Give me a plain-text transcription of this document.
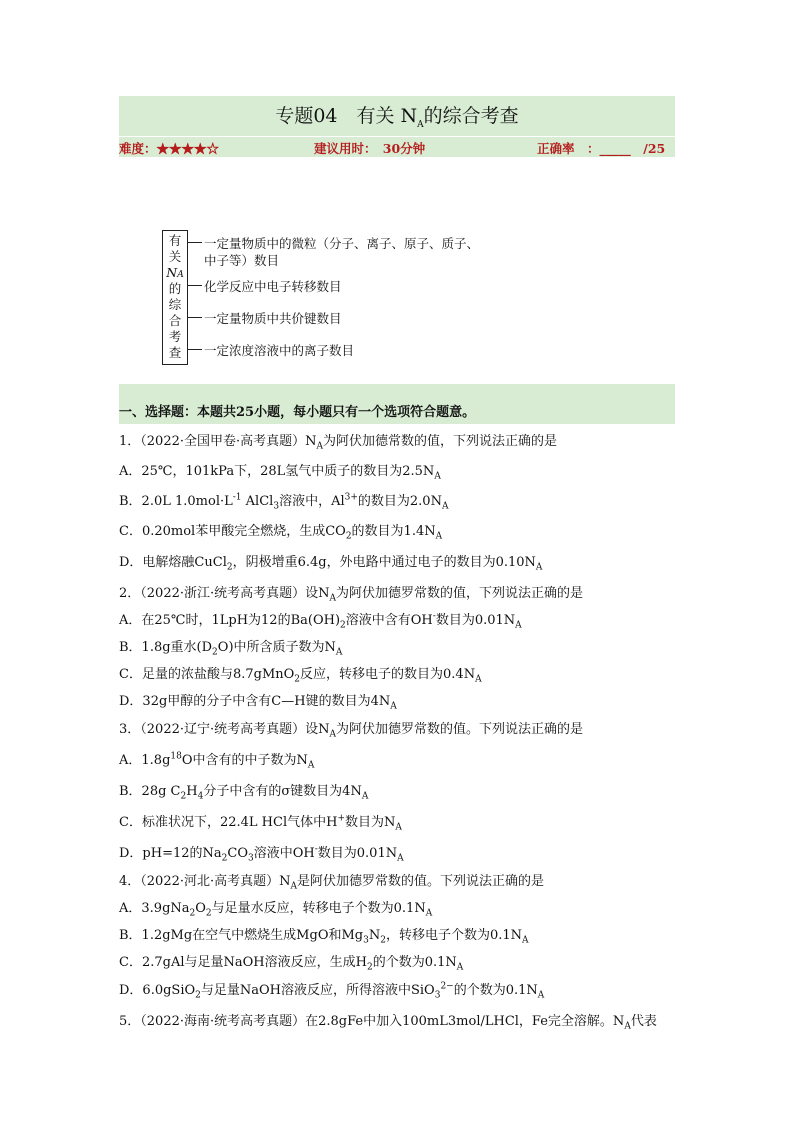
专题04　有关 $N_A$的综合考查
难度：★★★★☆	建议用时：　30分钟	正确率　：_____　/25
有
关
NA
的
综
合
考
查
一定量物质中的微粒（分子、离子、原子、质子、
中子等）数目
化学反应中电子转移数目
一定量物质中共价键数目
一定浓度溶液中的离子数目
一、选择题：本题共25小题，每小题只有一个选项符合题意。
1．（2022·全国甲卷·高考真题）$N_A$为阿伏加德常数的值，下列说法正确的是
A．25℃，101kPa下，28L氢气中质子的数目为$2.5N_A$
B．2.0L $1.0mol\cdot L^{-1}$ AlCl$_3$溶液中，$Al^{3+}$的数目为$2.0N_A$
C．0.20mol苯甲酸完全燃烧，生成$CO_2$的数目为$1.4N_A$
D．电解熔融CuCl$_2$，阴极增重6.4g，外电路中通过电子的数目为$0.10N_A$
2．（2022·浙江·统考高考真题）设$N_A$为阿伏加德罗常数的值，下列说法正确的是
A．在25℃时，1LpH为12的$Ba(OH)_2$溶液中含有OH-数目为$0.01N_A$
B．1.8g重水$(D_2O)$中所含质子数为$N_A$
C．足量的浓盐酸与8.7gMnO$_2$反应，转移电子的数目为$0.4N_A$
D．32g甲醇的分子中含有C—H键的数目为$4N_A$
3．（2022·辽宁·统考高考真题）设$N_A$为阿伏加德罗常数的值。下列说法正确的是
A．$1.8g^{18}O$中含有的中子数为$N_A$
B．28g $C_2H_4$分子中含有的σ键数目为$4N_A$
C．标准状况下，22.4L HCl气体中H+数目为$N_A$
D．pH=12的$Na_2CO_3$溶液中OH-数目为$0.01N_A$
4．（2022·河北·高考真题）$N_A$是阿伏加德罗常数的值。下列说法正确的是
A．$3.9gNa_2O_2$与足量水反应，转移电子个数为$0.1N_A$
B．1.2gMg在空气中燃烧生成MgO和$Mg_3N_2$，转移电子个数为$0.1N_A$
C．2.7gAl与足量NaOH溶液反应，生成$H_2$的个数为$0.1N_A$
D．6.0gSiO$_2$与足量NaOH溶液反应，所得溶液中SiO$_3^{2-}$的个数为$0.1N_A$
5．（2022·海南·统考高考真题）在2.8gFe中加入100mL3mol/LHCl，Fe完全溶解。$N_A$代表
